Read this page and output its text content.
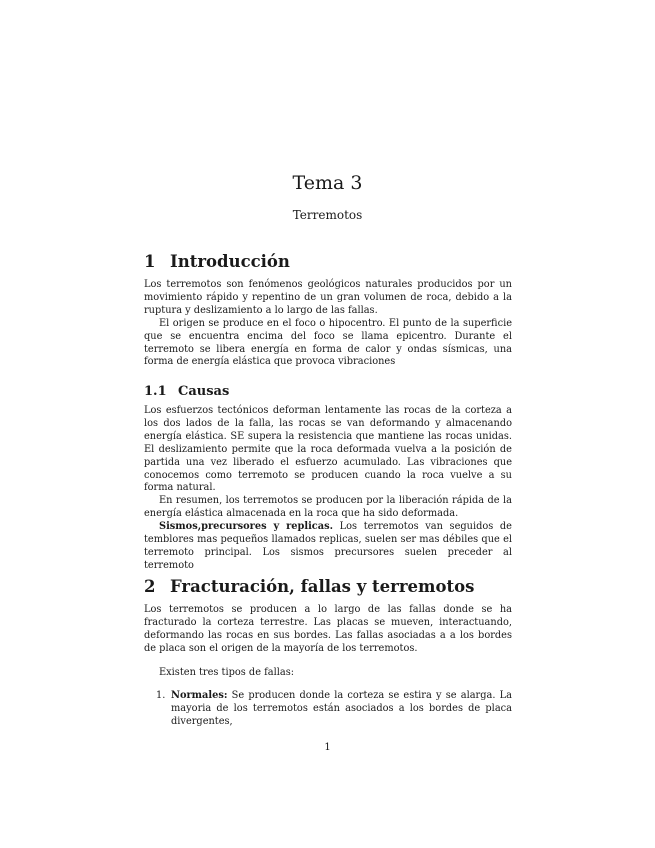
Tema 3
Terremotos
1 Introducción

Los terremotos son fenómenos geológicos naturales producidos por un movimiento rápido y repentino de un gran volumen de roca, debido a la ruptura y deslizamiento a lo largo de las fallas.

El origen se produce en el foco o hipocentro. El punto de la superficie que se encuentra encima del foco se llama epicentro. Durante el terremoto se libera energía en forma de calor y ondas sísmicas, una forma de energía elástica que provoca vibraciones

1.1 Causas

Los esfuerzos tectónicos deforman lentamente las rocas de la corteza a los dos lados de la falla, las rocas se van deformando y almacenando energía elástica. SE supera la resistencia que mantiene las rocas unidas. El deslizamiento permite que la roca deformada vuelva a la posición de partida una vez liberado el esfuerzo acumulado. Las vibraciones que conocemos como terremoto se producen cuando la roca vuelve a su forma natural.

En resumen, los terremotos se producen por la liberación rápida de la energía elástica almacenada en la roca que ha sido deformada.

Sismos,precursores y replicas. Los terremotos van seguidos de temblores mas pequeños llamados replicas, suelen ser mas débiles que el terremoto principal. Los sismos precursores suelen preceder al terremoto

2 Fracturación, fallas y terremotos

Los terremotos se producen a lo largo de las fallas donde se ha fracturado la corteza terrestre. Las placas se mueven, interactuando, deformando las rocas en sus bordes. Las fallas asociadas a a los bordes de placa son el origen de la mayoría de los terremotos.

Existen tres tipos de fallas:

1. Normales: Se producen donde la corteza se estira y se alarga. La mayoria de los terremotos están asociados a los bordes de placa divergentes,
1
